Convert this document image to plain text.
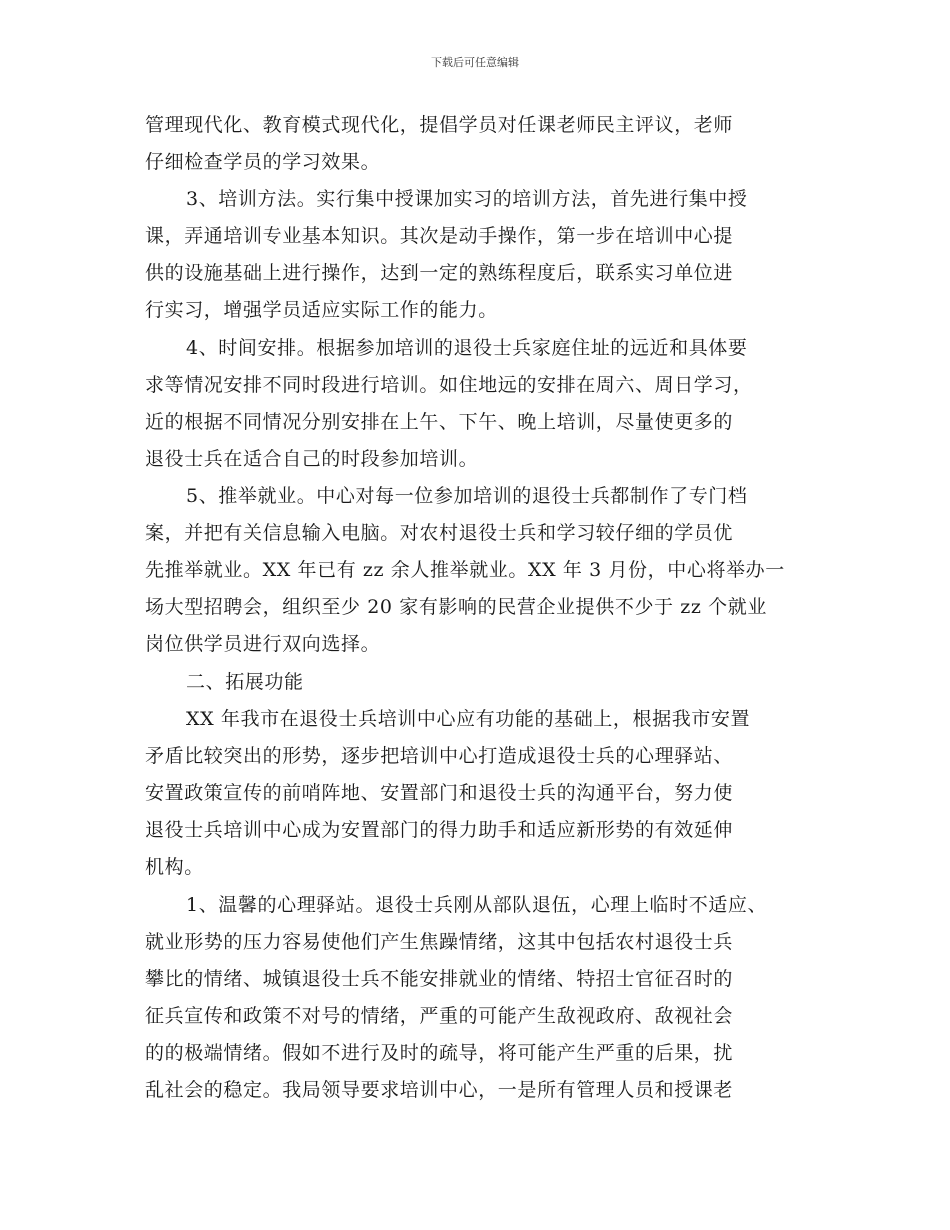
下载后可任意编辑
管理现代化、教育模式现代化，提倡学员对任课老师民主评议，老师
仔细检查学员的学习效果。
3、培训方法。实行集中授课加实习的培训方法，首先进行集中授
课，弄通培训专业基本知识。其次是动手操作，第一步在培训中心提
供的设施基础上进行操作，达到一定的熟练程度后，联系实习单位进
行实习，增强学员适应实际工作的能力。
4、时间安排。根据参加培训的退役士兵家庭住址的远近和具体要
求等情况安排不同时段进行培训。如住地远的安排在周六、周日学习，
近的根据不同情况分别安排在上午、下午、晚上培训，尽量使更多的
退役士兵在适合自己的时段参加培训。
5、推举就业。中心对每一位参加培训的退役士兵都制作了专门档
案，并把有关信息输入电脑。对农村退役士兵和学习较仔细的学员优
先推举就业。XX 年已有 zz 余人推举就业。XX 年 3 月份，中心将举办一
场大型招聘会，组织至少 20 家有影响的民营企业提供不少于 zz 个就业
岗位供学员进行双向选择。
二、拓展功能
XX 年我市在退役士兵培训中心应有功能的基础上，根据我市安置
矛盾比较突出的形势，逐步把培训中心打造成退役士兵的心理驿站、
安置政策宣传的前哨阵地、安置部门和退役士兵的沟通平台，努力使
退役士兵培训中心成为安置部门的得力助手和适应新形势的有效延伸
机构。
1、温馨的心理驿站。退役士兵刚从部队退伍，心理上临时不适应、
就业形势的压力容易使他们产生焦躁情绪，这其中包括农村退役士兵
攀比的情绪、城镇退役士兵不能安排就业的情绪、特招士官征召时的
征兵宣传和政策不对号的情绪，严重的可能产生敌视政府、敌视社会
的的极端情绪。假如不进行及时的疏导，将可能产生严重的后果，扰
乱社会的稳定。我局领导要求培训中心，一是所有管理人员和授课老
